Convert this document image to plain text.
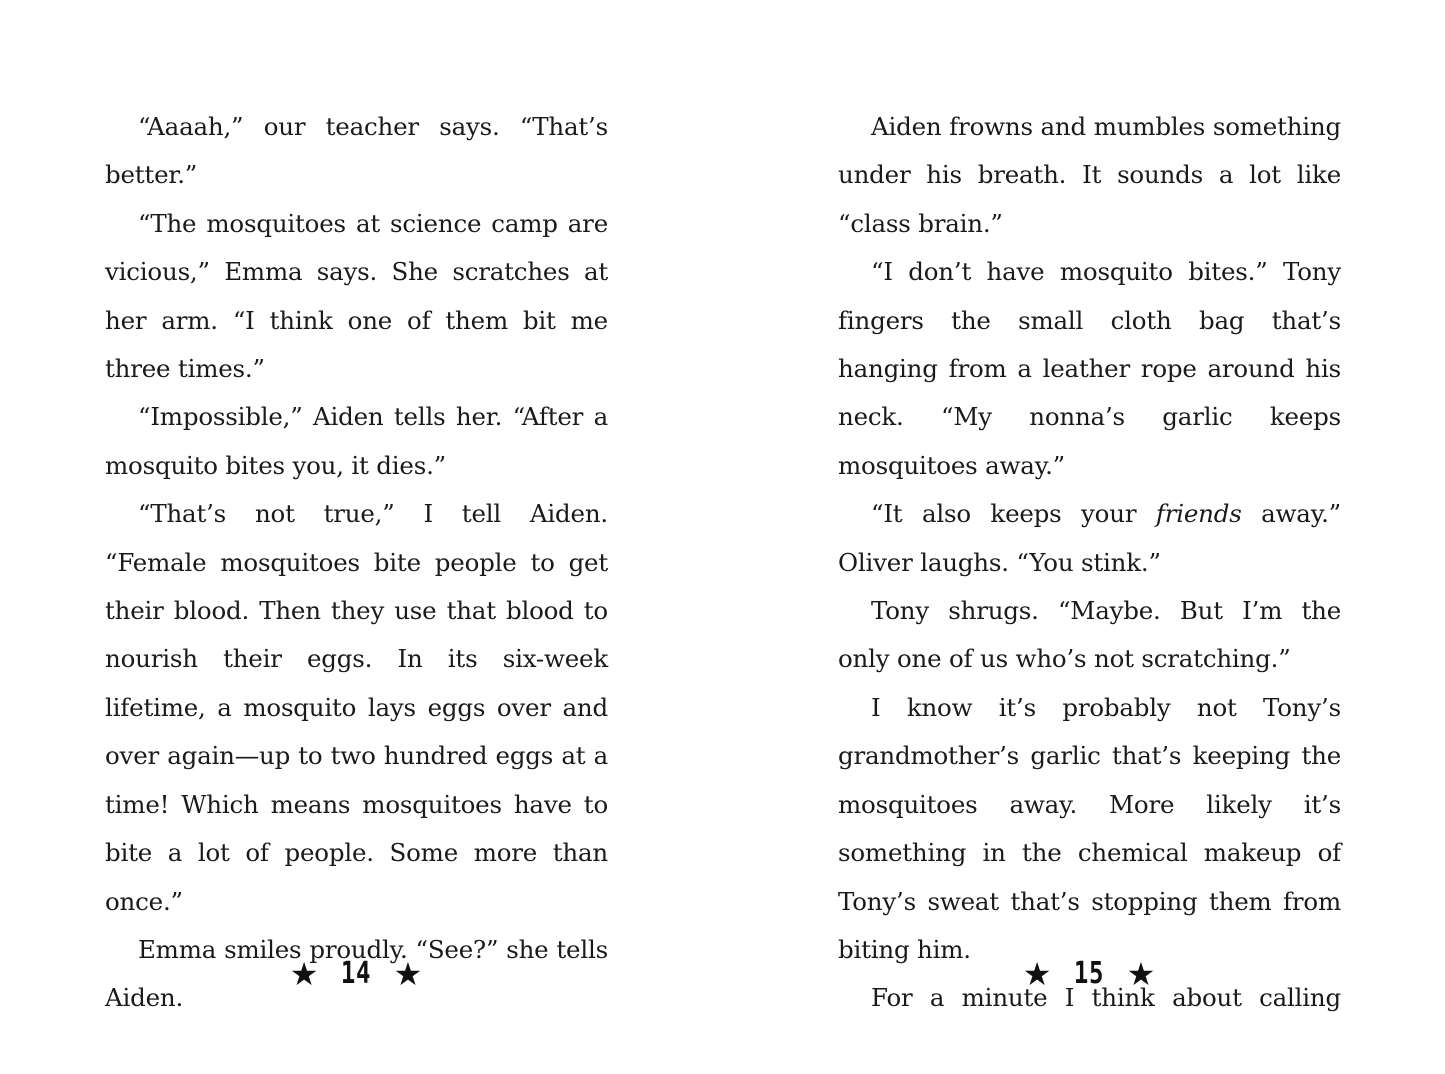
“Aaaah,” our teacher says. “That’s better.”

“The mosquitoes at science camp are vicious,” Emma says. She scratches at her arm. “I think one of them bit me three times.”

“Impossible,” Aiden tells her. “After a mosquito bites you, it dies.”

“That’s not true,” I tell Aiden. “Female mosquitoes bite people to get their blood. Then they use that blood to nourish their eggs. In its six-week lifetime, a mosquito lays eggs over and over again—up to two hundred eggs at a time! Which means mosquitoes have to bite a lot of people. Some more than once.”

Emma smiles proudly. “See?” she tells Aiden.

★ 14 ★

Aiden frowns and mumbles something under his breath. It sounds a lot like “class brain.”

“I don’t have mosquito bites.” Tony fingers the small cloth bag that’s hanging from a leather rope around his neck. “My nonna’s garlic keeps mosquitoes away.”

“It also keeps your friends away.” Oliver laughs. “You stink.”

Tony shrugs. “Maybe. But I’m the only one of us who’s not scratching.”

I know it’s probably not Tony’s grandmother’s garlic that’s keeping the mosquitoes away. More likely it’s something in the chemical makeup of Tony’s sweat that’s stopping them from biting him.

For a minute I think about calling

★ 15 ★
